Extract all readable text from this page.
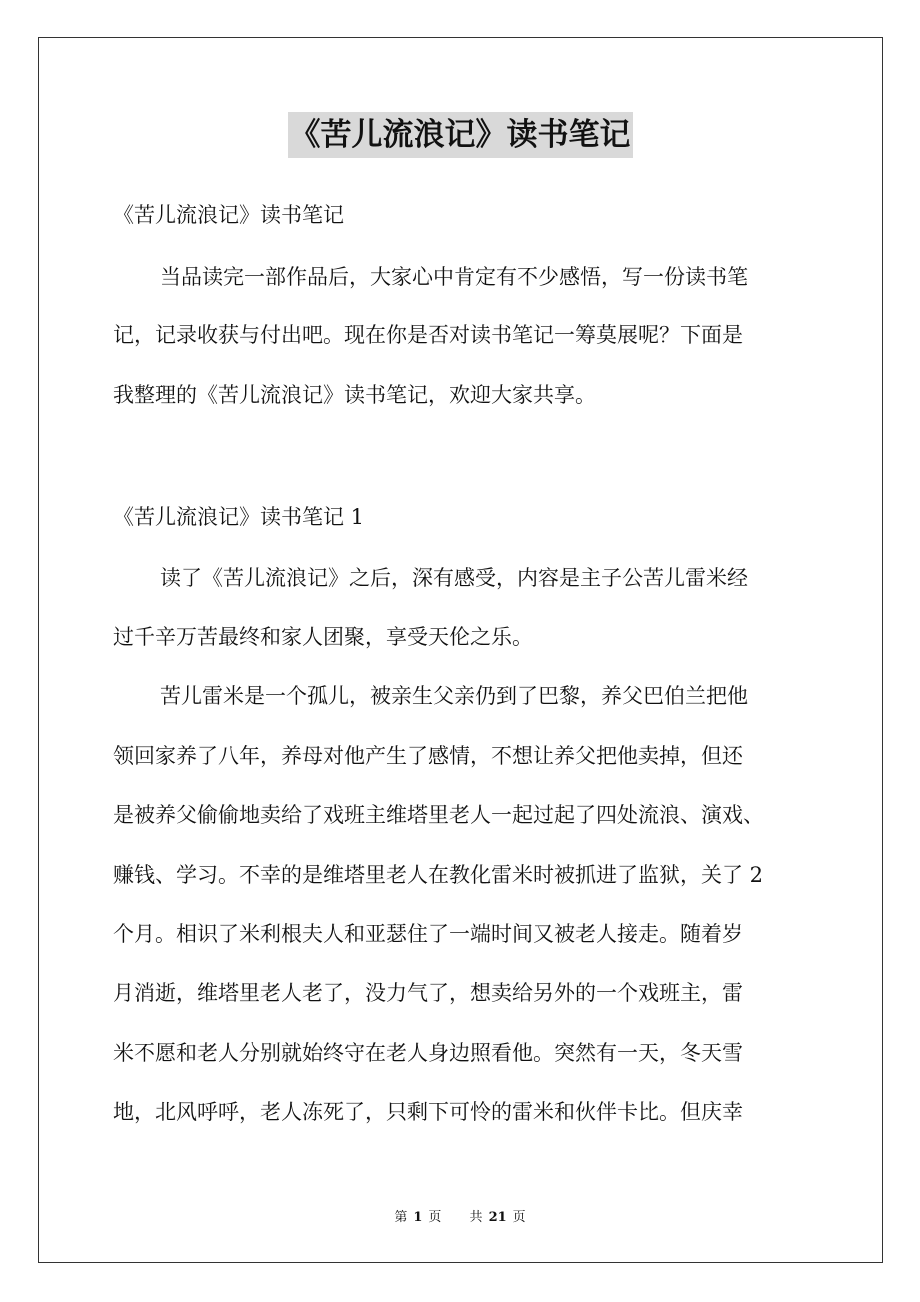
《苦儿流浪记》读书笔记
《苦儿流浪记》读书笔记
当品读完一部作品后，大家心中肯定有不少感悟，写一份读书笔
记，记录收获与付出吧。现在你是否对读书笔记一筹莫展呢？下面是
我整理的《苦儿流浪记》读书笔记，欢迎大家共享。
《苦儿流浪记》读书笔记 1
读了《苦儿流浪记》之后，深有感受，内容是主子公苦儿雷米经
过千辛万苦最终和家人团聚，享受天伦之乐。
苦儿雷米是一个孤儿，被亲生父亲仍到了巴黎，养父巴伯兰把他
领回家养了八年，养母对他产生了感情，不想让养父把他卖掉，但还
是被养父偷偷地卖给了戏班主维塔里老人一起过起了四处流浪、演戏、
赚钱、学习。不幸的是维塔里老人在教化雷米时被抓进了监狱，关了 2
个月。相识了米利根夫人和亚瑟住了一端时间又被老人接走。随着岁
月消逝，维塔里老人老了，没力气了，想卖给另外的一个戏班主，雷
米不愿和老人分别就始终守在老人身边照看他。突然有一天，冬天雪
地，北风呼呼，老人冻死了，只剩下可怜的雷米和伙伴卡比。但庆幸
第 1 页 共 21 页
